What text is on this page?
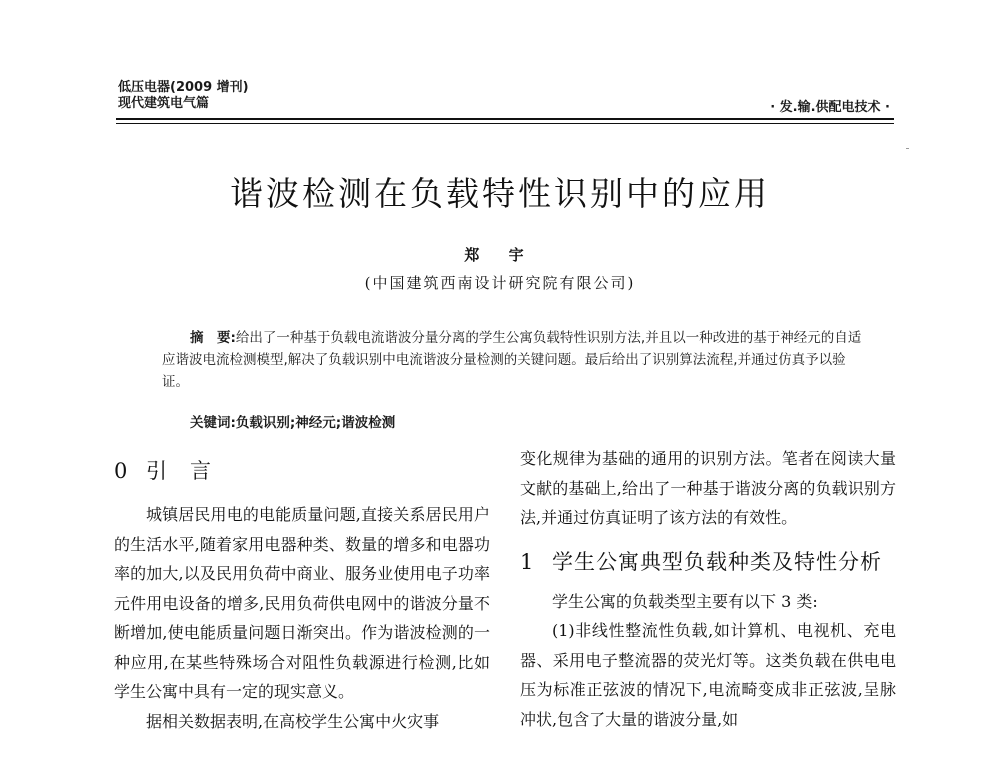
低压电器(2009 增刊)
现代建筑电气篇	· 发.输.供配电技术 ·
谐波检测在负载特性识别中的应用
郑 宇
(中国建筑西南设计研究院有限公司)
摘　要:给出了一种基于负载电流谐波分量分离的学生公寓负载特性识别方法,并且以一种改进的基于神经元的自适应谐波电流检测模型,解决了负载识别中电流谐波分量检测的关键问题。最后给出了识别算法流程,并通过仿真予以验证。
关键词:负载识别;神经元;谐波检测
0 引　言

城镇居民用电的电能质量问题,直接关系居民用户的生活水平,随着家用电器种类、数量的增多和电器功率的加大,以及民用负荷中商业、服务业使用电子功率元件用电设备的增多,民用负荷供电网中的谐波分量不断增加,使电能质量问题日渐突出。作为谐波检测的一种应用,在某些特殊场合对阻性负载源进行检测,比如学生公寓中具有一定的现实意义。

据相关数据表明,在高校学生公寓中火灾事

变化规律为基础的通用的识别方法。笔者在阅读大量文献的基础上,给出了一种基于谐波分离的负载识别方法,并通过仿真证明了该方法的有效性。

1 学生公寓典型负载种类及特性分析

学生公寓的负载类型主要有以下 3 类:

(1)非线性整流性负载,如计算机、电视机、充电器、采用电子整流器的荧光灯等。这类负载在供电电压为标准正弦波的情况下,电流畸变成非正弦波,呈脉冲状,包含了大量的谐波分量,如
